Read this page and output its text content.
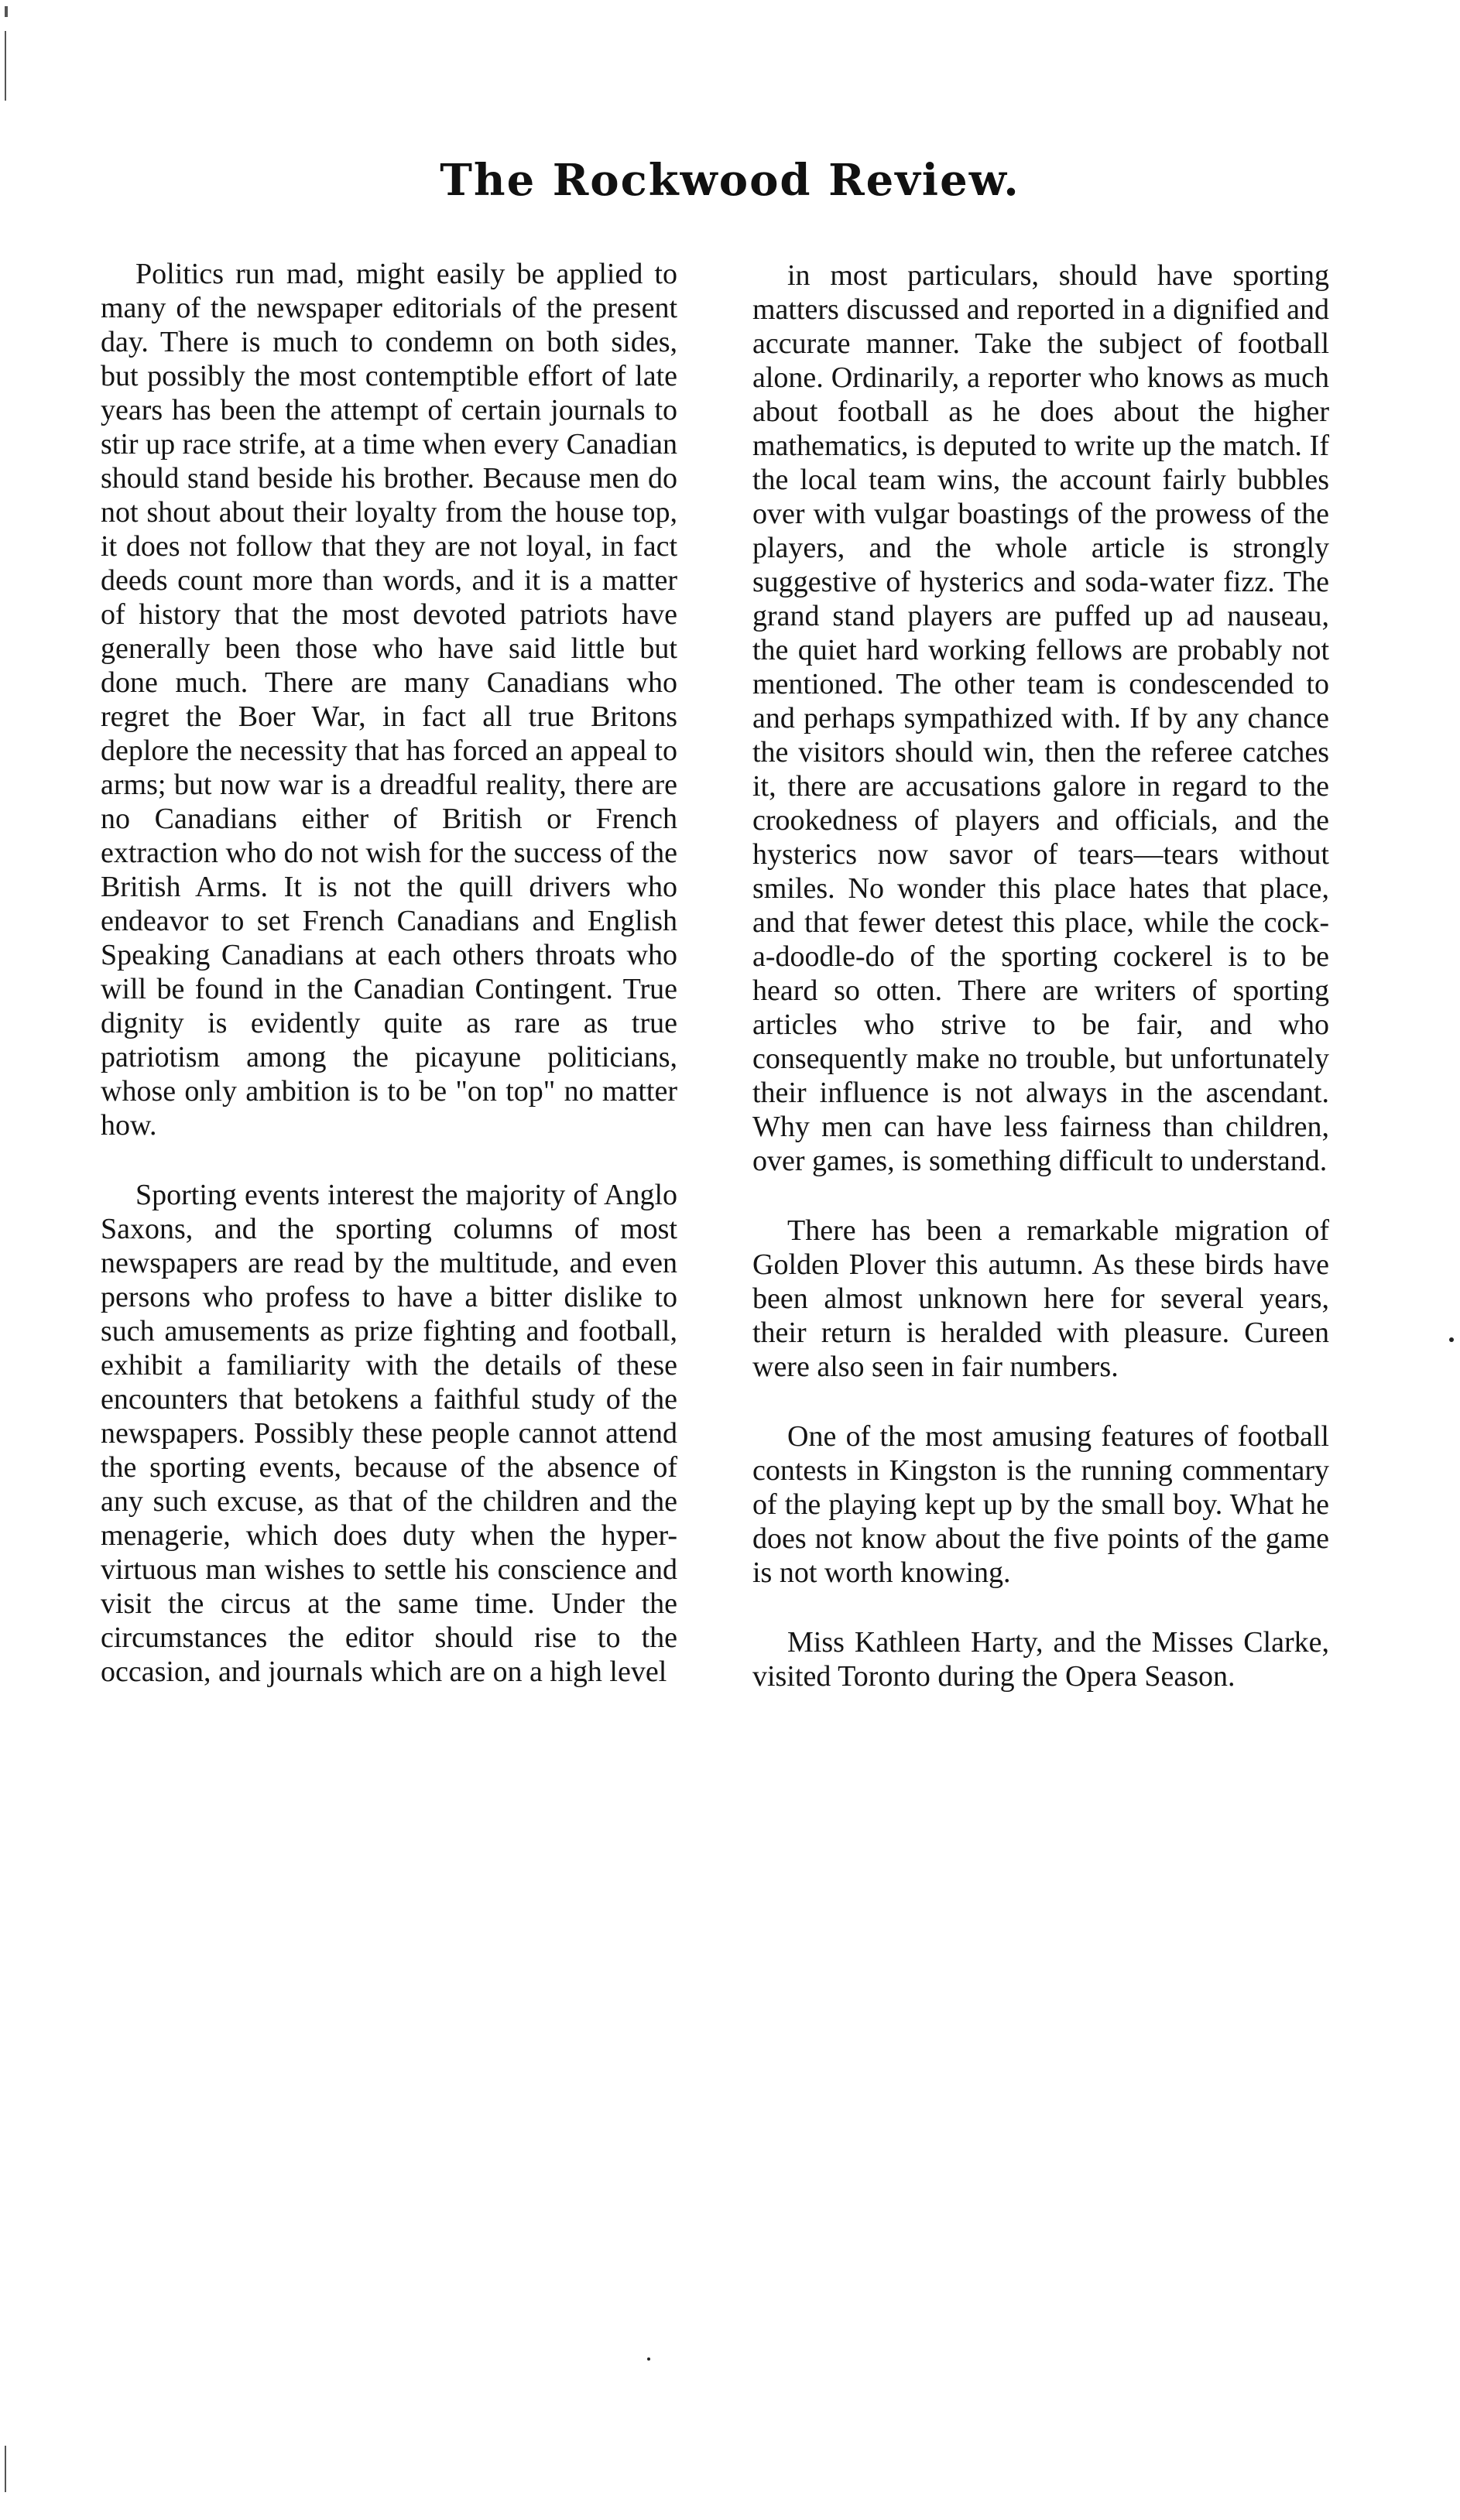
The Rockwood Review.

Politics run mad, might easily be applied to many of the newspaper editorials of the present day. There is much to condemn on both sides, but possibly the most contemptible effort of late years has been the attempt of certain journals to stir up race strife, at a time when every Canadian should stand beside his brother. Because men do not shout about their loyalty from the house top, it does not follow that they are not loyal, in fact deeds count more than words, and it is a matter of history that the most devoted patriots have generally been those who have said little but done much. There are many Canadians who regret the Boer War, in fact all true Britons deplore the necessity that has forced an appeal to arms; but now war is a dreadful reality, there are no Canadians either of British or French extraction who do not wish for the success of the British Arms. It is not the quill drivers who endeavor to set French Canadians and English Speaking Canadians at each others throats who will be found in the Canadian Contingent. True dignity is evidently quite as rare as true patriotism among the picayune politicians, whose only ambition is to be "on top" no matter how.

Sporting events interest the majority of Anglo Saxons, and the sporting columns of most newspapers are read by the multitude, and even persons who profess to have a bitter dislike to such amusements as prize fighting and football, exhibit a familiarity with the details of these encounters that betokens a faithful study of the newspapers. Possibly these people cannot attend the sporting events, because of the absence of any such excuse, as that of the children and the menagerie, which does duty when the hyper-virtuous man wishes to settle his conscience and visit the circus at the same time. Under the circumstances the editor should rise to the occasion, and journals which are on a high level

in most particulars, should have sporting matters discussed and reported in a dignified and accurate manner. Take the subject of football alone. Ordinarily, a reporter who knows as much about football as he does about the higher mathematics, is deputed to write up the match. If the local team wins, the account fairly bubbles over with vulgar boastings of the prowess of the players, and the whole article is strongly suggestive of hysterics and soda-water fizz. The grand stand players are puffed up ad nauseau, the quiet hard working fellows are probably not mentioned. The other team is condescended to and perhaps sympathized with. If by any chance the visitors should win, then the referee catches it, there are accusations galore in regard to the crookedness of players and officials, and the hysterics now savor of tears—tears without smiles. No wonder this place hates that place, and that fewer detest this place, while the cock-a-doodle-do of the sporting cockerel is to be heard so otten. There are writers of sporting articles who strive to be fair, and who consequently make no trouble, but unfortunately their influence is not always in the ascendant. Why men can have less fairness than children, over games, is something difficult to understand.

There has been a remarkable migration of Golden Plover this autumn. As these birds have been almost unknown here for several years, their return is heralded with pleasure. Cureen were also seen in fair numbers.

One of the most amusing features of football contests in Kingston is the running commentary of the playing kept up by the small boy. What he does not know about the five points of the game is not worth knowing.

Miss Kathleen Harty, and the Misses Clarke, visited Toronto during the Opera Season.
